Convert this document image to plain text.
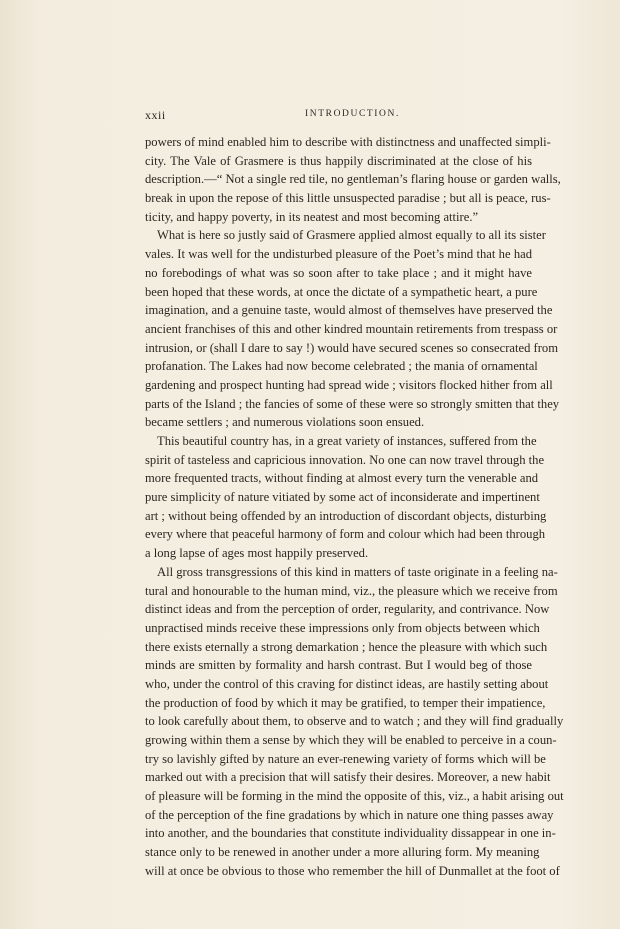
xxii	INTRODUCTION.
powers of mind enabled him to describe with distinctness and unaffected simpli-
city. The Vale of Grasmere is thus happily discriminated at the close of his
description.—“ Not a single red tile, no gentleman’s flaring house or garden walls,
break in upon the repose of this little unsuspected paradise ; but all is peace, rus-
ticity, and happy poverty, in its neatest and most becoming attire.”
What is here so justly said of Grasmere applied almost equally to all its sister
vales. It was well for the undisturbed pleasure of the Poet’s mind that he had
no forebodings of what was so soon after to take place ; and it might have
been hoped that these words, at once the dictate of a sympathetic heart, a pure
imagination, and a genuine taste, would almost of themselves have preserved the
ancient franchises of this and other kindred mountain retirements from trespass or
intrusion, or (shall I dare to say !) would have secured scenes so consecrated from
profanation. The Lakes had now become celebrated ; the mania of ornamental
gardening and prospect hunting had spread wide ; visitors flocked hither from all
parts of the Island ; the fancies of some of these were so strongly smitten that they
became settlers ; and numerous violations soon ensued.
This beautiful country has, in a great variety of instances, suffered from the
spirit of tasteless and capricious innovation. No one can now travel through the
more frequented tracts, without finding at almost every turn the venerable and
pure simplicity of nature vitiated by some act of inconsiderate and impertinent
art ; without being offended by an introduction of discordant objects, disturbing
every where that peaceful harmony of form and colour which had been through
a long lapse of ages most happily preserved.
All gross transgressions of this kind in matters of taste originate in a feeling na-
tural and honourable to the human mind, viz., the pleasure which we receive from
distinct ideas and from the perception of order, regularity, and contrivance. Now
unpractised minds receive these impressions only from objects between which
there exists eternally a strong demarkation ; hence the pleasure with which such
minds are smitten by formality and harsh contrast. But I would beg of those
who, under the control of this craving for distinct ideas, are hastily setting about
the production of food by which it may be gratified, to temper their impatience,
to look carefully about them, to observe and to watch ; and they will find gradually
growing within them a sense by which they will be enabled to perceive in a coun-
try so lavishly gifted by nature an ever-renewing variety of forms which will be
marked out with a precision that will satisfy their desires. Moreover, a new habit
of pleasure will be forming in the mind the opposite of this, viz., a habit arising out
of the perception of the fine gradations by which in nature one thing passes away
into another, and the boundaries that constitute individuality dissappear in one in-
stance only to be renewed in another under a more alluring form. My meaning
will at once be obvious to those who remember the hill of Dunmallet at the foot of
